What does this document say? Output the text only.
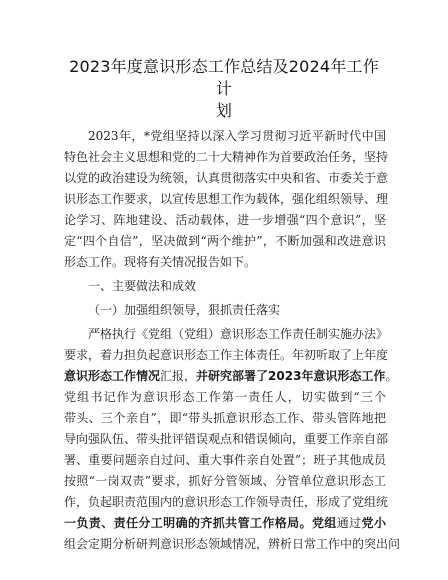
2023年度意识形态工作总结及2024年工作计
划
2023年，*党组坚持以深入学习贯彻习近平新时代中国
特色社会主义思想和党的二十大精神作为首要政治任务，坚持
以党的政治建设为统领，认真贯彻落实中央和省、市委关于意
识形态工作要求，以宣传思想工作为载体，强化组织领导、理
论学习、阵地建设、活动载体，进一步增强“四个意识”，坚
定“四个自信”，坚决做到“两个维护”，不断加强和改进意识
形态工作。现将有关情况报告如下。
一、主要做法和成效
（一）加强组织领导，狠抓责任落实
严格执行《党组（党组）意识形态工作责任制实施办法》
要求，着力担负起意识形态工作主体责任。年初听取了上年度
意识形态工作情况汇报，并研究部署了2023年意识形态工作。
党组书记作为意识形态工作第一责任人，切实做到“三个
带头、三个亲自”，即“带头抓意识形态工作、带头管阵地把
导向强队伍、带头批评错误观点和错误倾向，重要工作亲自部
署、重要问题亲自过问、重大事件亲自处置”；班子其他成员
按照“一岗双责”要求，抓好分管领域、分管单位意识形态工
作，负起职责范围内的意识形态工作领导责任，形成了党组统
一负责、责任分工明确的齐抓共管工作格局。党组通过党小
组会定期分析研判意识形态领域情况，辨析日常工作中的突出问
